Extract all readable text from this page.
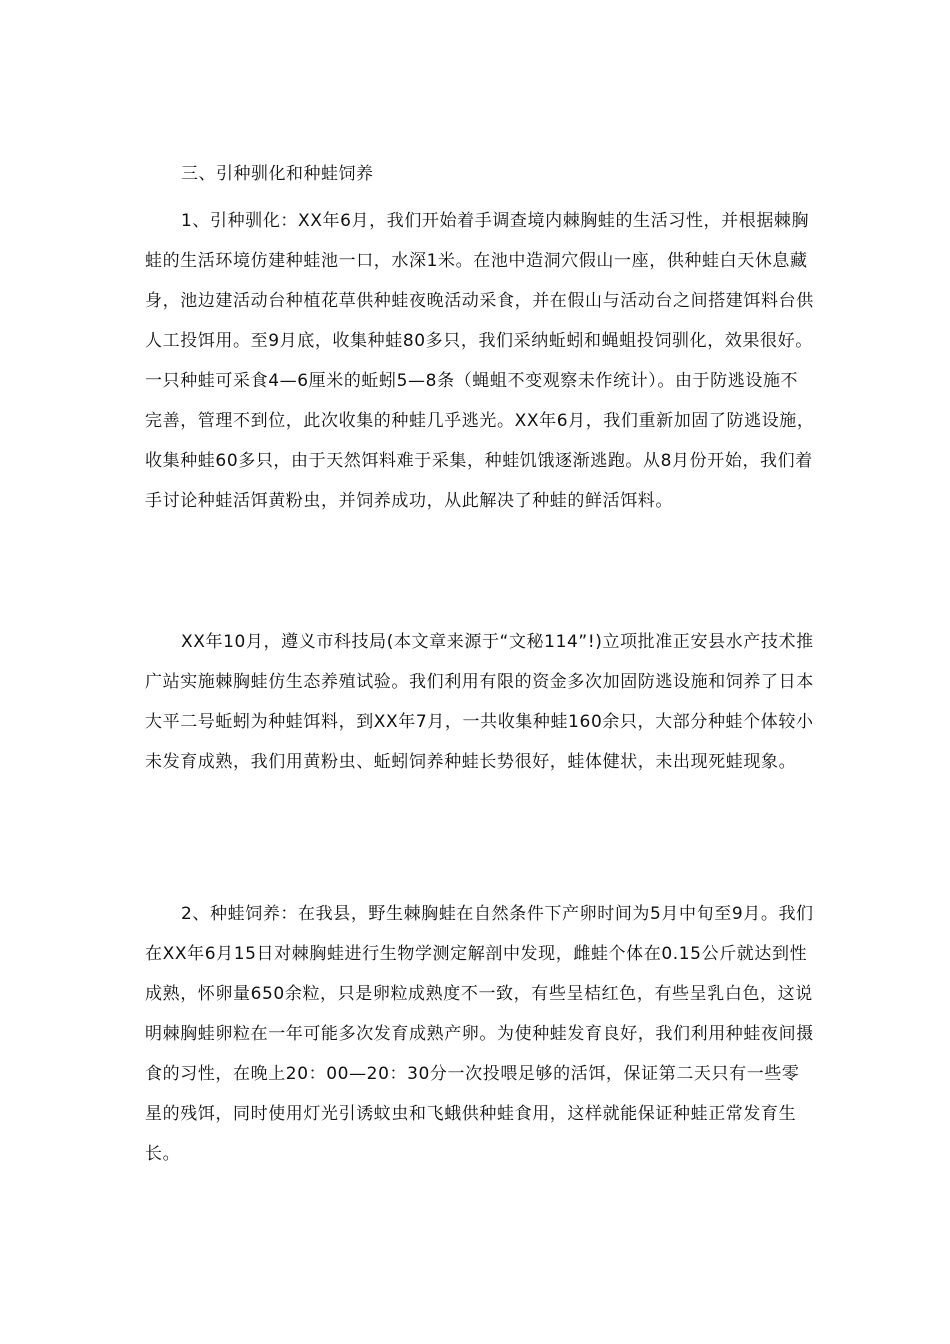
三、引种驯化和种蛙饲养

1、引种驯化：XX年6月，我们开始着手调查境内棘胸蛙的生活习性，并根据棘胸蛙的生活环境仿建种蛙池一口，水深1米。在池中造洞穴假山一座，供种蛙白天休息藏身，池边建活动台种植花草供种蛙夜晚活动采食，并在假山与活动台之间搭建饵料台供人工投饵用。至9月底，收集种蛙80多只，我们采纳蚯蚓和蝇蛆投饲驯化，效果很好。一只种蛙可采食4—6厘米的蚯蚓5—8条（蝇蛆不变观察未作统计）。由于防逃设施不完善，管理不到位，此次收集的种蛙几乎逃光。XX年6月，我们重新加固了防逃设施，收集种蛙60多只，由于天然饵料难于采集，种蛙饥饿逐渐逃跑。从8月份开始，我们着手讨论种蛙活饵黄粉虫，并饲养成功，从此解决了种蛙的鲜活饵料。

XX年10月，遵义市科技局(本文章来源于“文秘114”!)立项批准正安县水产技术推广站实施棘胸蛙仿生态养殖试验。我们利用有限的资金多次加固防逃设施和饲养了日本大平二号蚯蚓为种蛙饵料，到XX年7月，一共收集种蛙160余只，大部分种蛙个体较小未发育成熟，我们用黄粉虫、蚯蚓饲养种蛙长势很好，蛙体健状，未出现死蛙现象。

2、种蛙饲养：在我县，野生棘胸蛙在自然条件下产卵时间为5月中旬至9月。我们在XX年6月15日对棘胸蛙进行生物学测定解剖中发现，雌蛙个体在0.15公斤就达到性成熟，怀卵量650余粒，只是卵粒成熟度不一致，有些呈桔红色，有些呈乳白色，这说明棘胸蛙卵粒在一年可能多次发育成熟产卵。为使种蛙发育良好，我们利用种蛙夜间摄食的习性，在晚上20：00—20：30分一次投喂足够的活饵，保证第二天只有一些零星的残饵，同时使用灯光引诱蚊虫和飞蛾供种蛙食用，这样就能保证种蛙正常发育生长。
